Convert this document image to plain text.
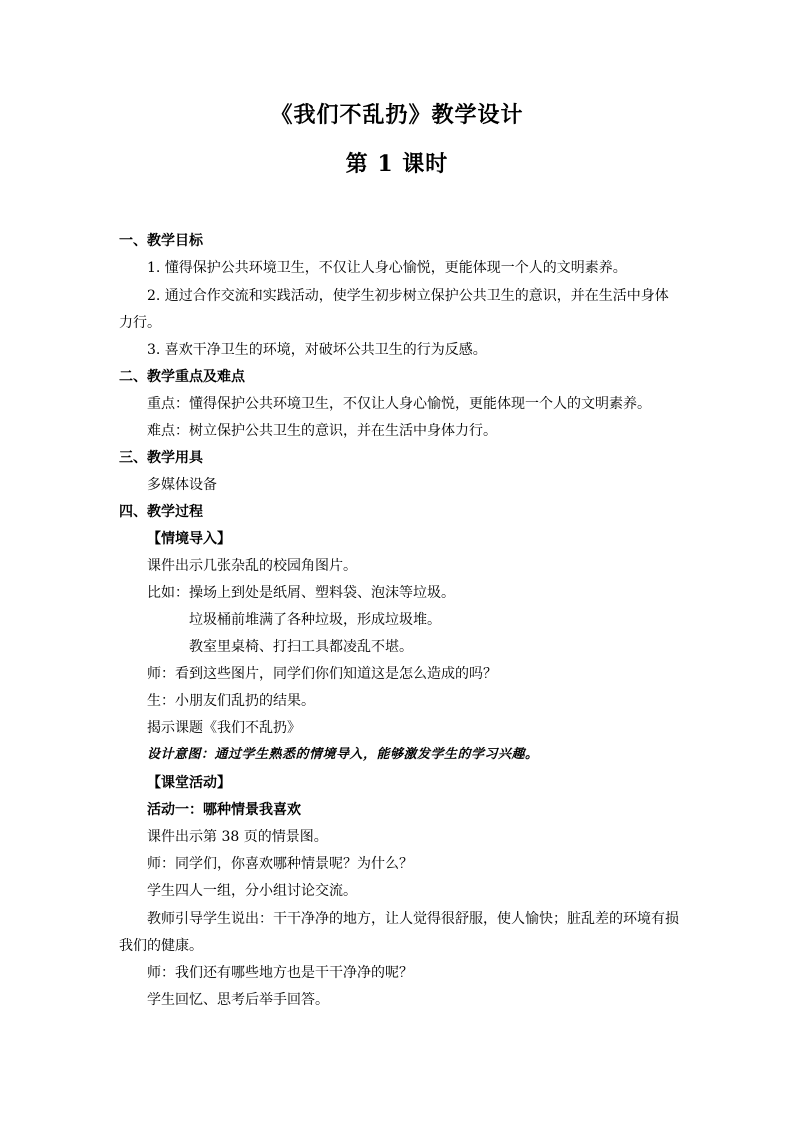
《我们不乱扔》教学设计
第 1 课时
一、教学目标
1. 懂得保护公共环境卫生，不仅让人身心愉悦，更能体现一个人的文明素养。
2. 通过合作交流和实践活动，使学生初步树立保护公共卫生的意识，并在生活中身体
力行。
3. 喜欢干净卫生的环境，对破坏公共卫生的行为反感。
二、教学重点及难点
重点：懂得保护公共环境卫生，不仅让人身心愉悦，更能体现一个人的文明素养。
难点：树立保护公共卫生的意识，并在生活中身体力行。
三、教学用具
多媒体设备
四、教学过程
【情境导入】
课件出示几张杂乱的校园角图片。
比如：操场上到处是纸屑、塑料袋、泡沫等垃圾。
垃圾桶前堆满了各种垃圾，形成垃圾堆。
教室里桌椅、打扫工具都凌乱不堪。
师：看到这些图片，同学们你们知道这是怎么造成的吗？
生：小朋友们乱扔的结果。
揭示课题《我们不乱扔》
设计意图：通过学生熟悉的情境导入，能够激发学生的学习兴趣。
【课堂活动】
活动一：哪种情景我喜欢
课件出示第 38 页的情景图。
师：同学们，你喜欢哪种情景呢？为什么？
学生四人一组，分小组讨论交流。
教师引导学生说出：干干净净的地方，让人觉得很舒服，使人愉快；脏乱差的环境有损
我们的健康。
师：我们还有哪些地方也是干干净净的呢？
学生回忆、思考后举手回答。
